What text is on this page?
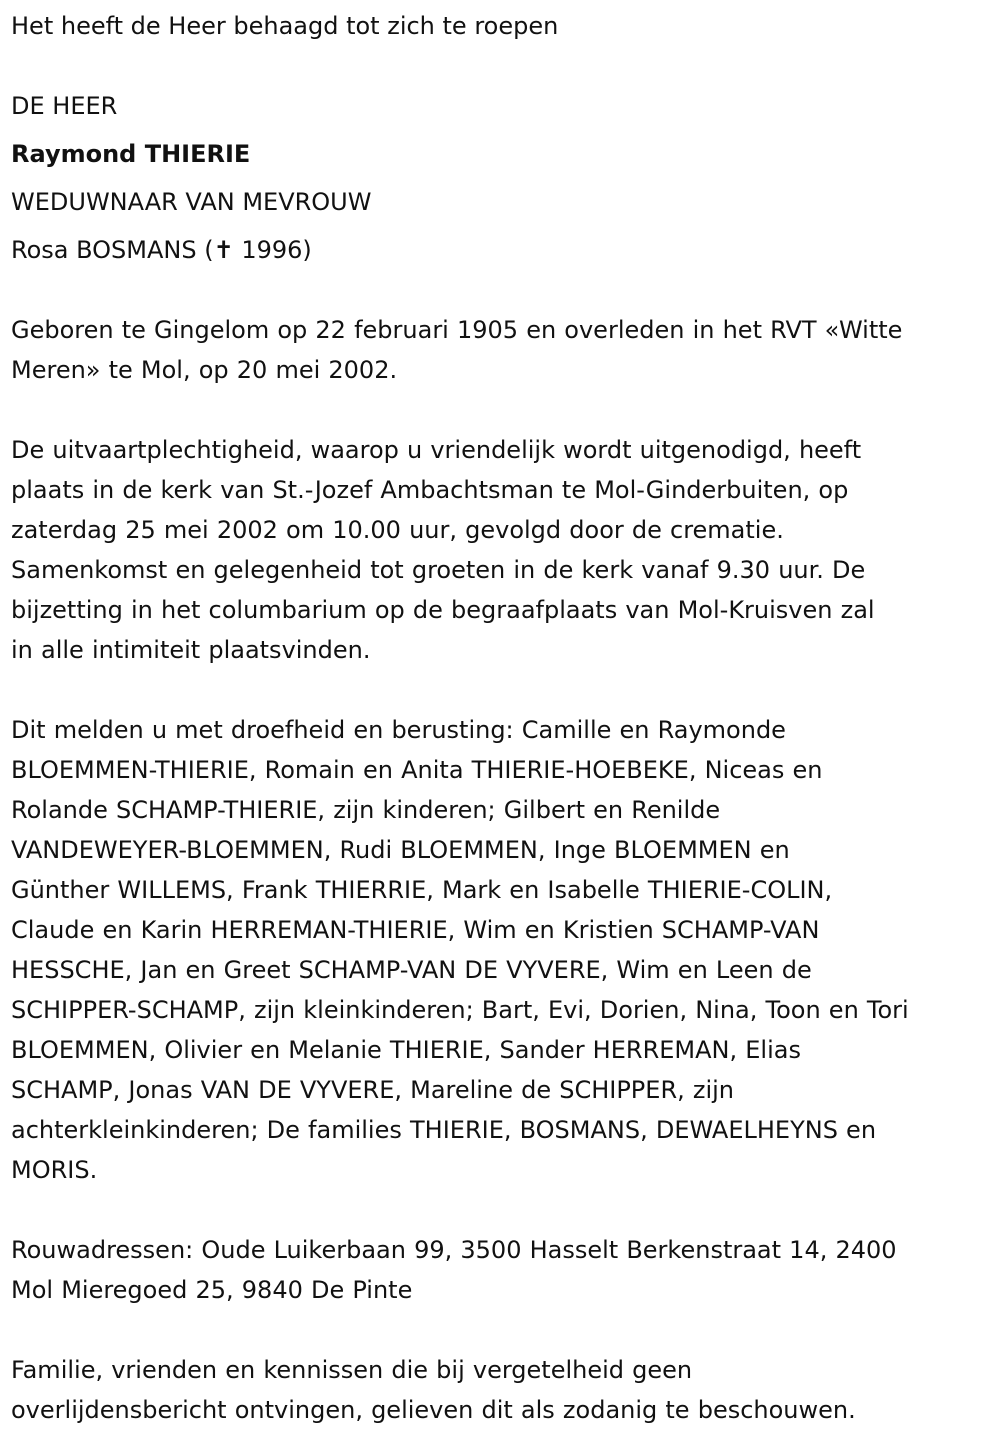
Het heeft de Heer behaagd tot zich te roepen

DE HEER

Raymond THIERIE

WEDUWNAAR VAN MEVROUW

Rosa BOSMANS (✝ 1996)

Geboren te Gingelom op 22 februari 1905 en overleden in het RVT «Witte
Meren» te Mol, op 20 mei 2002.
De uitvaartplechtigheid, waarop u vriendelijk wordt uitgenodigd, heeft
plaats in de kerk van St.-Jozef Ambachtsman te Mol-Ginderbuiten, op
zaterdag 25 mei 2002 om 10.00 uur, gevolgd door de crematie.
Samenkomst en gelegenheid tot groeten in de kerk vanaf 9.30 uur. De
bijzetting in het columbarium op de begraafplaats van Mol-Kruisven zal
in alle intimiteit plaatsvinden.
Dit melden u met droefheid en berusting: Camille en Raymonde
BLOEMMEN-THIERIE, Romain en Anita THIERIE-HOEBEKE, Niceas en
Rolande SCHAMP-THIERIE, zijn kinderen; Gilbert en Renilde
VANDEWEYER-BLOEMMEN, Rudi BLOEMMEN, Inge BLOEMMEN en
Günther WILLEMS, Frank THIERRIE, Mark en Isabelle THIERIE-COLIN,
Claude en Karin HERREMAN-THIERIE, Wim en Kristien SCHAMP-VAN
HESSCHE, Jan en Greet SCHAMP-VAN DE VYVERE, Wim en Leen de
SCHIPPER-SCHAMP, zijn kleinkinderen; Bart, Evi, Dorien, Nina, Toon en Tori
BLOEMMEN, Olivier en Melanie THIERIE, Sander HERREMAN, Elias
SCHAMP, Jonas VAN DE VYVERE, Mareline de SCHIPPER, zijn
achterkleinkinderen; De families THIERIE, BOSMANS, DEWAELHEYNS en
MORIS.
Rouwadressen: Oude Luikerbaan 99, 3500 Hasselt Berkenstraat 14, 2400
Mol Mieregoed 25, 9840 De Pinte
Familie, vrienden en kennissen die bij vergetelheid geen
overlijdensbericht ontvingen, gelieven dit als zodanig te beschouwen.
